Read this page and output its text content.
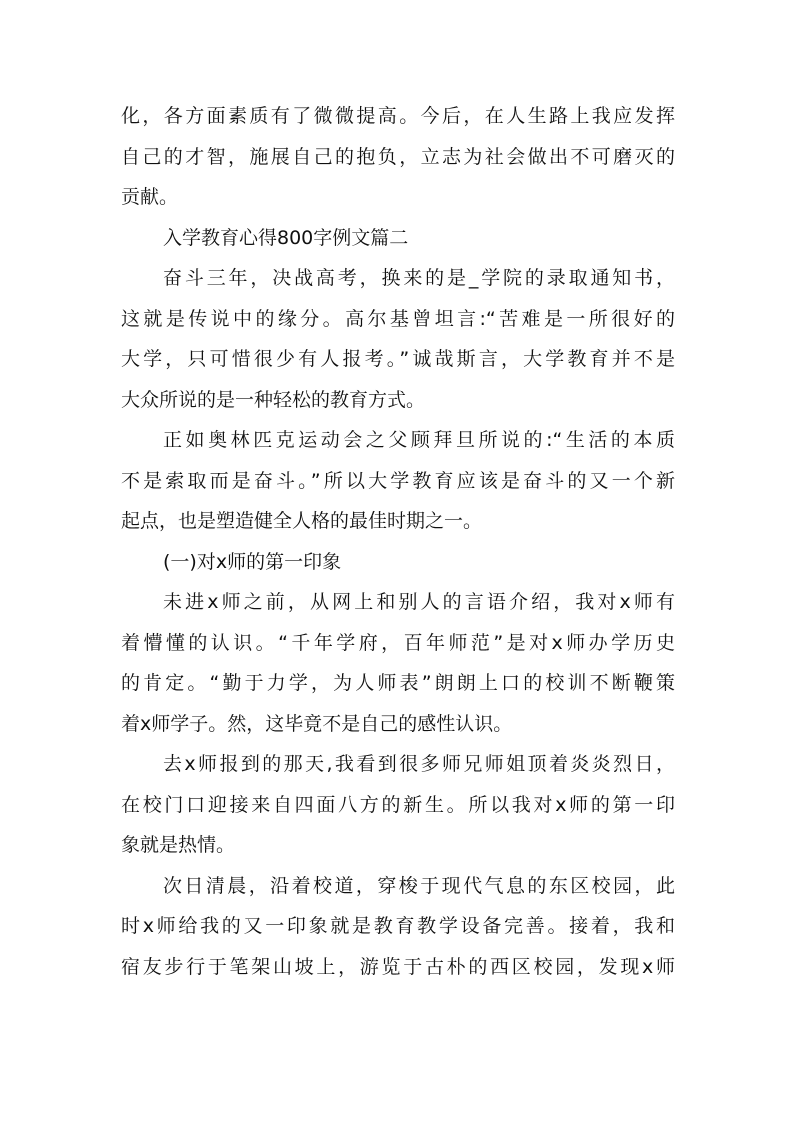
化，各方面素质有了微微提高。今后，在人生路上我应发挥
自己的才智，施展自己的抱负，立志为社会做出不可磨灭的
贡献。
入学教育心得800字例文篇二
奋斗三年，决战高考，换来的是_学院的录取通知书，
这就是传说中的缘分。高尔基曾坦言:“苦难是一所很好的
大学，只可惜很少有人报考。”诚哉斯言，大学教育并不是
大众所说的是一种轻松的教育方式。
正如奥林匹克运动会之父顾拜旦所说的:“生活的本质
不是索取而是奋斗。”所以大学教育应该是奋斗的又一个新
起点，也是塑造健全人格的最佳时期之一。
(一)对x师的第一印象
未进x师之前，从网上和别人的言语介绍，我对x师有
着懵懂的认识。“千年学府，百年师范”是对x师办学历史
的肯定。“勤于力学，为人师表”朗朗上口的校训不断鞭策
着x师学子。然，这毕竟不是自己的感性认识。
去x师报到的那天,我看到很多师兄师姐顶着炎炎烈日，
在校门口迎接来自四面八方的新生。所以我对x师的第一印
象就是热情。
次日清晨，沿着校道，穿梭于现代气息的东区校园，此
时x师给我的又一印象就是教育教学设备完善。接着，我和
宿友步行于笔架山坡上，游览于古朴的西区校园，发现x师
